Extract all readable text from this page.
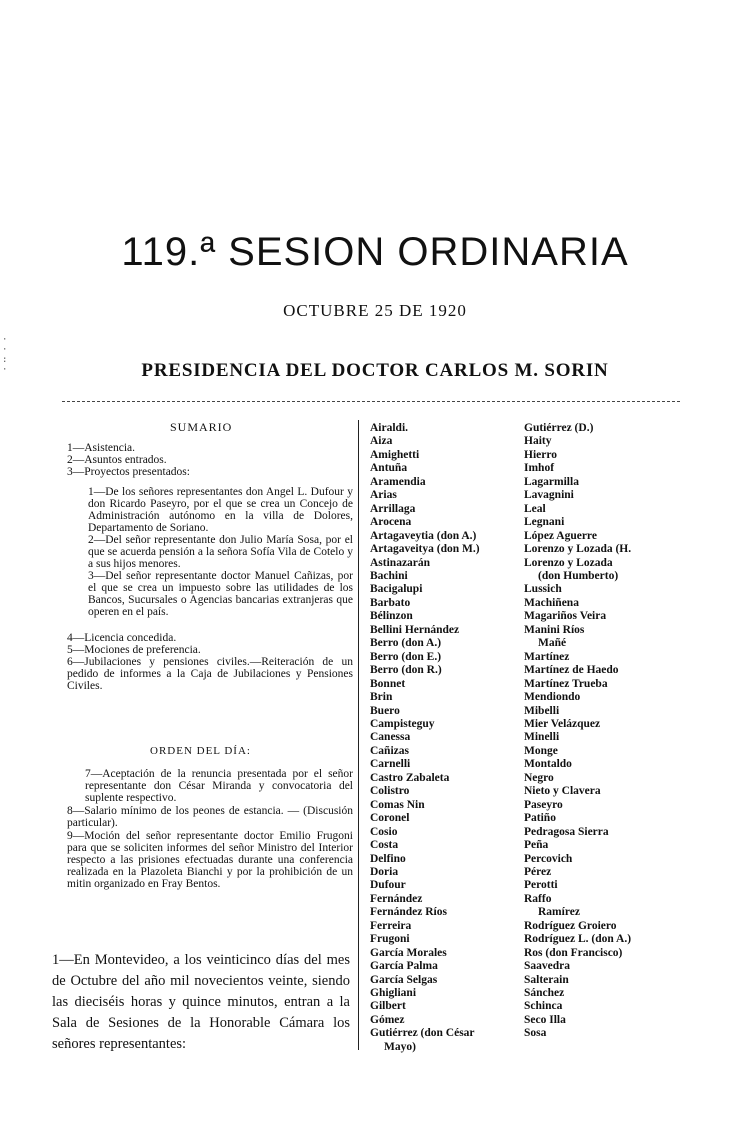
119.ª SESION ORDINARIA
OCTUBRE 25 DE 1920
PRESIDENCIA DEL DOCTOR CARLOS M. SORIN
·
·
:
·
SUMARIO
1—Asistencia.
2—Asuntos entrados.
3—Proyectos presentados:
1—De los señores representantes don Angel L. Dufour y don Ricardo Paseyro, por el que se crea un Concejo de Administración autónomo en la villa de Dolores, Departamento de Soriano.
2—Del señor representante don Julio María Sosa, por el que se acuerda pensión a la señora Sofía Vila de Cotelo y a sus hijos menores.
3—Del señor representante doctor Manuel Cañizas, por el que se crea un impuesto sobre las utilidades de los Bancos, Sucursales o Agencias bancarias extranjeras que operen en el país.
4—Licencia concedida.
5—Mociones de preferencia.
6—Jubilaciones y pensiones civiles.—Reiteración de un pedido de informes a la Caja de Jubilaciones y Pensiones Civiles.
ORDEN DEL DÍA:
7—Aceptación de la renuncia presentada por el señor representante don César Miranda y convocatoria del suplente respectivo.
8—Salario mínimo de los peones de estancia. — (Discusión particular).
9—Moción del señor representante doctor Emilio Frugoni para que se soliciten informes del señor Ministro del Interior respecto a las prisiones efectuadas durante una conferencia realizada en la Plazoleta Bianchi y por la prohibición de un mitin organizado en Fray Bentos.
1—En Montevideo, a los veinticinco días del mes de Octubre del año mil novecientos veinte, siendo las dieciséis horas y quince minutos, entran a la Sala de Sesiones de la Honorable Cámara los señores representantes:
Airaldi.
Aiza
Amighetti
Antuña
Aramendia
Arias
Arrillaga
Arocena
Artagaveytia (don A.)
Artagaveitya (don M.)
Astinazarán
Bachini
Bacigalupi
Barbato
Bélinzon
Bellini Hernández
Berro (don A.)
Berro (don E.)
Berro (don R.)
Bonnet
Brin
Buero
Campisteguy
Canessa
Cañizas
Carnelli
Castro Zabaleta
Colistro
Comas Nin
Coronel
Cosio
Costa
Delfino
Doria
Dufour
Fernández
Fernández Ríos
Ferreira
Frugoni
García Morales
García Palma
García Selgas
Ghigliani
Gilbert
Gómez
Gutiérrez (don César
Mayo)
Gutiérrez (D.)
Haity
Hierro
Imhof
Lagarmilla
Lavagnini
Leal
Legnani
López Aguerre
Lorenzo y Lozada (H.
Lorenzo y Lozada
(don Humberto)
Lussich
Machiñena
Magariños Veira
Manini Ríos
Mañé
Martínez
Martínez de Haedo
Martínez Trueba
Mendiondo
Mibelli
Mier Velázquez
Minelli
Monge
Montaldo
Negro
Nieto y Clavera
Paseyro
Patiño
Pedragosa Sierra
Peña
Percovich
Pérez
Perotti
Raffo
Ramírez
Rodríguez Groiero
Rodríguez L. (don A.)
Ros (don Francisco)
Saavedra
Salterain
Sánchez
Schinca
Seco Illa
Sosa
